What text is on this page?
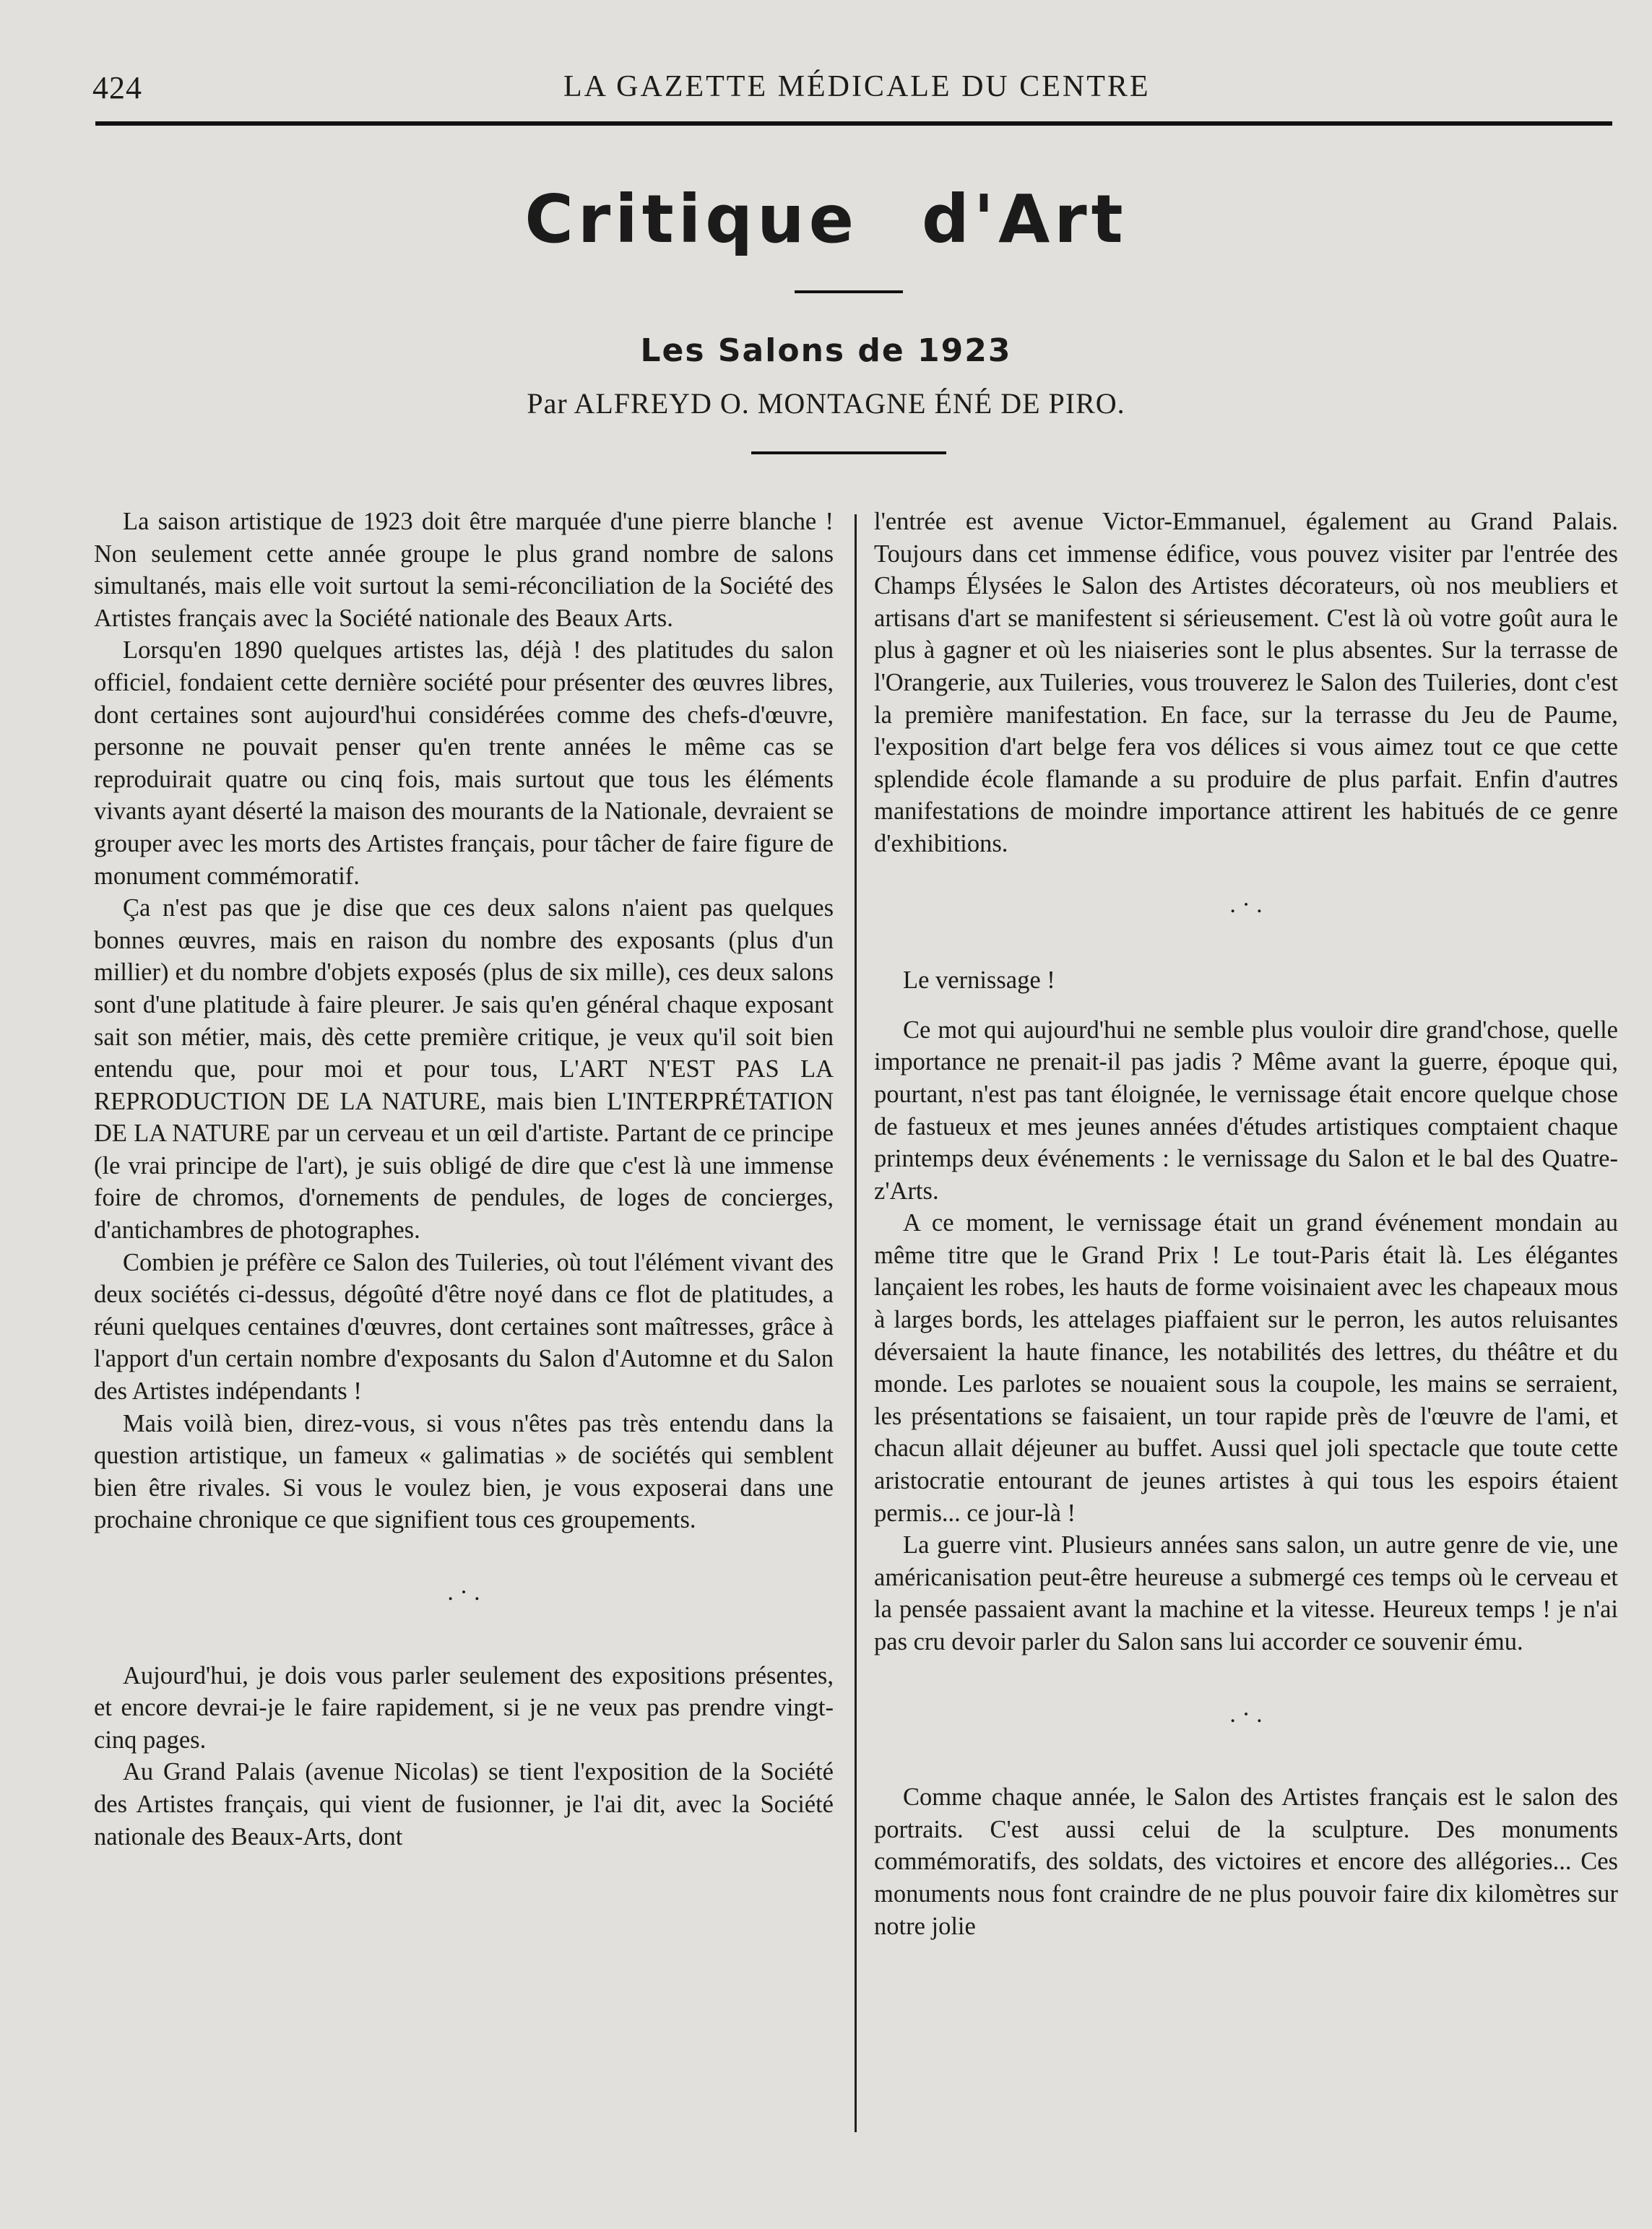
424	LA GAZETTE MÉDICALE DU CENTRE
Critique d'Art
Les Salons de 1923
Par ALFREYD O. MONTAGNE ÉNÉ DE PIRO.

La saison artistique de 1923 doit être marquée d'une pierre blanche ! Non seulement cette année groupe le plus grand nombre de salons simultanés, mais elle voit surtout la semi-réconciliation de la Société des Artistes français avec la Société nationale des Beaux Arts.

Lorsqu'en 1890 quelques artistes las, déjà ! des platitudes du salon officiel, fondaient cette dernière société pour présenter des œuvres libres, dont certaines sont aujourd'hui considérées comme des chefs-d'œuvre, personne ne pouvait penser qu'en trente années le même cas se reproduirait quatre ou cinq fois, mais surtout que tous les éléments vivants ayant déserté la maison des mourants de la Nationale, devraient se grouper avec les morts des Artistes français, pour tâcher de faire figure de monument commémoratif.

Ça n'est pas que je dise que ces deux salons n'aient pas quelques bonnes œuvres, mais en raison du nombre des exposants (plus d'un millier) et du nombre d'objets exposés (plus de six mille), ces deux salons sont d'une platitude à faire pleurer. Je sais qu'en général chaque exposant sait son métier, mais, dès cette première critique, je veux qu'il soit bien entendu que, pour moi et pour tous, L'ART N'EST PAS LA REPRODUCTION DE LA NATURE, mais bien L'INTERPRÉTATION DE LA NATURE par un cerveau et un œil d'artiste. Partant de ce principe (le vrai principe de l'art), je suis obligé de dire que c'est là une immense foire de chromos, d'ornements de pendules, de loges de concierges, d'antichambres de photographes.

Combien je préfère ce Salon des Tuileries, où tout l'élément vivant des deux sociétés ci-dessus, dégoûté d'être noyé dans ce flot de platitudes, a réuni quelques centaines d'œuvres, dont certaines sont maîtresses, grâce à l'apport d'un certain nombre d'exposants du Salon d'Automne et du Salon des Artistes indépendants !

Mais voilà bien, direz-vous, si vous n'êtes pas très entendu dans la question artistique, un fameux « galimatias » de sociétés qui semblent bien être rivales. Si vous le voulez bien, je vous exposerai dans une prochaine chronique ce que signifient tous ces groupements.

. · .

Aujourd'hui, je dois vous parler seulement des expositions présentes, et encore devrai-je le faire rapidement, si je ne veux pas prendre vingt-cinq pages.

Au Grand Palais (avenue Nicolas) se tient l'exposition de la Société des Artistes français, qui vient de fusionner, je l'ai dit, avec la Société nationale des Beaux-Arts, dont

l'entrée est avenue Victor-Emmanuel, également au Grand Palais. Toujours dans cet immense édifice, vous pouvez visiter par l'entrée des Champs Élysées le Salon des Artistes décorateurs, où nos meubliers et artisans d'art se manifestent si sérieusement. C'est là où votre goût aura le plus à gagner et où les niaiseries sont le plus absentes. Sur la terrasse de l'Orangerie, aux Tuileries, vous trouverez le Salon des Tuileries, dont c'est la première manifestation. En face, sur la terrasse du Jeu de Paume, l'exposition d'art belge fera vos délices si vous aimez tout ce que cette splendide école flamande a su produire de plus parfait. Enfin d'autres manifestations de moindre importance attirent les habitués de ce genre d'exhibitions.

. · .

Le vernissage !

Ce mot qui aujourd'hui ne semble plus vouloir dire grand'chose, quelle importance ne prenait-il pas jadis ? Même avant la guerre, époque qui, pourtant, n'est pas tant éloignée, le vernissage était encore quelque chose de fastueux et mes jeunes années d'études artistiques comptaient chaque printemps deux événements : le vernissage du Salon et le bal des Quatre-z'Arts.

A ce moment, le vernissage était un grand événement mondain au même titre que le Grand Prix ! Le tout-Paris était là. Les élégantes lançaient les robes, les hauts de forme voisinaient avec les chapeaux mous à larges bords, les attelages piaffaient sur le perron, les autos reluisantes déversaient la haute finance, les notabilités des lettres, du théâtre et du monde. Les parlotes se nouaient sous la coupole, les mains se serraient, les présentations se faisaient, un tour rapide près de l'œuvre de l'ami, et chacun allait déjeuner au buffet. Aussi quel joli spectacle que toute cette aristocratie entourant de jeunes artistes à qui tous les espoirs étaient permis... ce jour-là !

La guerre vint. Plusieurs années sans salon, un autre genre de vie, une américanisation peut-être heureuse a submergé ces temps où le cerveau et la pensée passaient avant la machine et la vitesse. Heureux temps ! je n'ai pas cru devoir parler du Salon sans lui accorder ce souvenir ému.

. · .

Comme chaque année, le Salon des Artistes français est le salon des portraits. C'est aussi celui de la sculpture. Des monuments commémoratifs, des soldats, des victoires et encore des allégories... Ces monuments nous font craindre de ne plus pouvoir faire dix kilomètres sur notre jolie
